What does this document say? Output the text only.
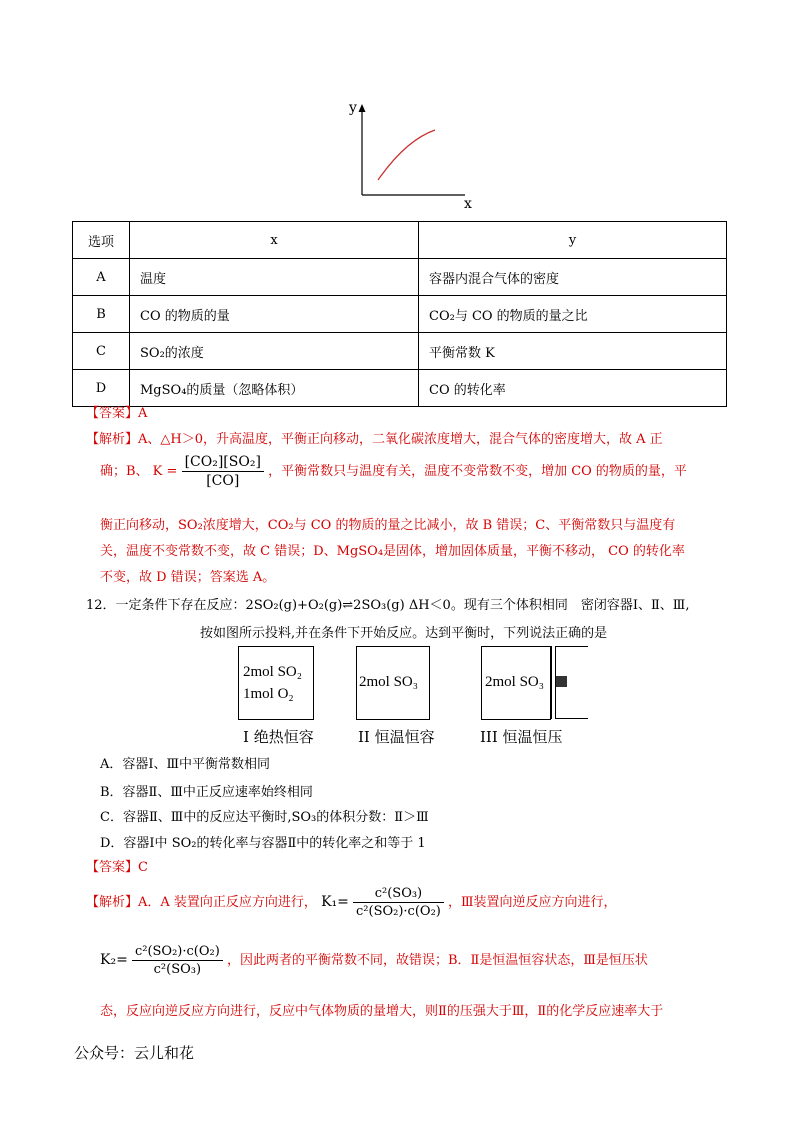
y
x
选项	x	y
A	温度	容器内混合气体的密度
B	CO 的物质的量	CO₂与 CO 的物质的量之比
C	SO₂的浓度	平衡常数 K
D	MgSO₄的质量（忽略体积）	CO 的转化率
【答案】A
【解析】A、△H＞0，升高温度，平衡正向移动，二氧化碳浓度增大，混合气体的密度增大，故 A 正
确；B、 $K = \frac{\text{[CO₂][SO₂]}}{[CO]}$ ，平衡常数只与温度有关，温度不变常数不变，增加 CO 的物质的量，平
衡正向移动，SO₂浓度增大，CO₂与 CO 的物质的量之比减小，故 B 错误；C、平衡常数只与温度有
关，温度不变常数不变，故 C 错误；D、MgSO₄是固体，增加固体质量，平衡不移动， CO 的转化率
不变，故 D 错误；答案选 A。
12．一定条件下存在反应：2SO₂(g)+O₂(g)⇌2SO₃(g) ΔH＜0。现有三个体积相同　密闭容器Ⅰ、Ⅱ、Ⅲ,
按如图所示投料,并在条件下开始反应。达到平衡时，下列说法正确的是
2mol SO₂
1mol O₂
2mol SO₃	2mol SO₃
I 绝热恒容	II 恒温恒容	III 恒温恒压
A．容器Ⅰ、Ⅲ中平衡常数相同
B．容器Ⅱ、Ⅲ中正反应速率始终相同
C．容器Ⅱ、Ⅲ中的反应达平衡时,SO₃的体积分数：Ⅱ＞Ⅲ
D．容器Ⅰ中 SO₂的转化率与容器Ⅱ中的转化率之和等于 1
【答案】C
【解析】A．A 装置向正反应方向进行， $K_1= \frac{\text{c²(SO₃)}}{\text{c²(SO₂)·c(O₂)}}$ ，Ⅲ装置向逆反应方向进行，
$K_2= \frac{\text{c²(SO₂)·c(O₂)}}{\text{c²(SO₃)}}$ ，因此两者的平衡常数不同，故错误；B．Ⅱ是恒温恒容状态，Ⅲ是恒压状
态，反应向逆反应方向进行，反应中气体物质的量增大，则Ⅱ的压强大于Ⅲ，Ⅱ的化学反应速率大于
公众号：云儿和花
